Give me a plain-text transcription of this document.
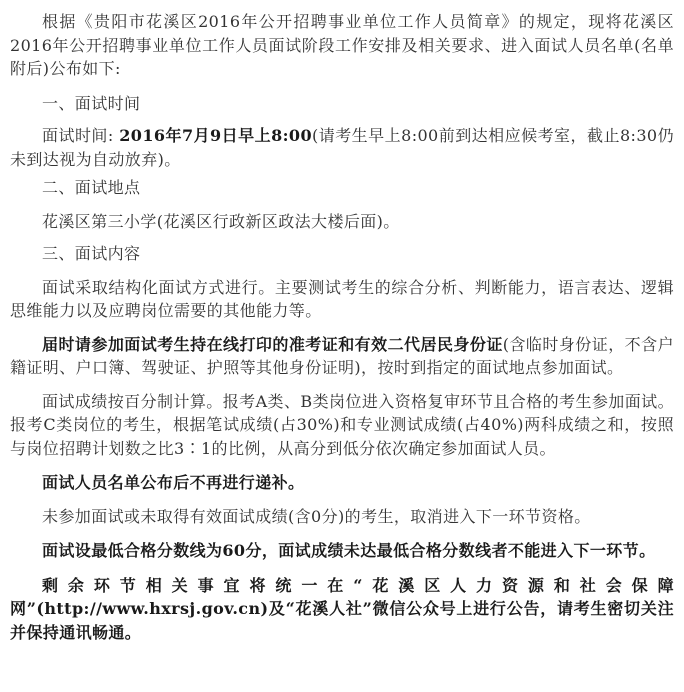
根据《贵阳市花溪区2016年公开招聘事业单位工作人员简章》的规定，现将花溪区2016年公开招聘事业单位工作人员面试阶段工作安排及相关要求、进入面试人员名单(名单附后)公布如下:

一、面试时间

面试时间: 2016年7月9日早上8:00(请考生早上8:00前到达相应候考室，截止8:30仍未到达视为自动放弃)。

二、面试地点

花溪区第三小学(花溪区行政新区政法大楼后面)。

三、面试内容

面试采取结构化面试方式进行。主要测试考生的综合分析、判断能力，语言表达、逻辑思维能力以及应聘岗位需要的其他能力等。

届时请参加面试考生持在线打印的准考证和有效二代居民身份证(含临时身份证，不含户籍证明、户口簿、驾驶证、护照等其他身份证明)，按时到指定的面试地点参加面试。

面试成绩按百分制计算。报考A类、B类岗位进入资格复审环节且合格的考生参加面试。报考C类岗位的考生，根据笔试成绩(占30%)和专业测试成绩(占40%)两科成绩之和，按照与岗位招聘计划数之比3∶1的比例，从高分到低分依次确定参加面试人员。

面试人员名单公布后不再进行递补。

未参加面试或未取得有效面试成绩(含0分)的考生，取消进入下一环节资格。

面试设最低合格分数线为60分，面试成绩未达最低合格分数线者不能进入下一环节。

剩余环节相关事宜将统一在“花溪区人力资源和社会保障网”(http://www.hxrsj.gov.cn)及“花溪人社”微信公众号上进行公告，请考生密切关注并保持通讯畅通。
